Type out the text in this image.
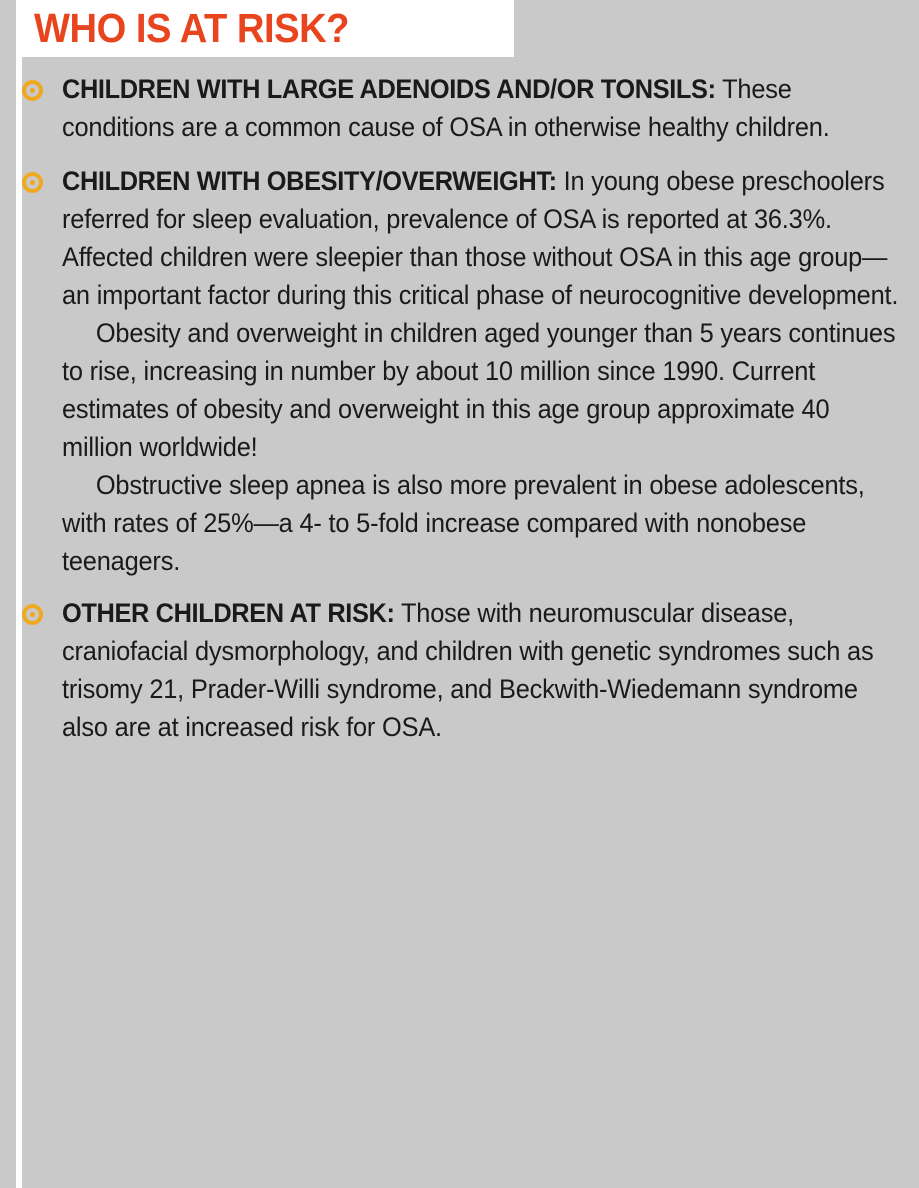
WHO IS AT RISK?

CHILDREN WITH LARGE ADENOIDS AND/OR TONSILS: These conditions are a common cause of OSA in otherwise healthy children.

CHILDREN WITH OBESITY/OVERWEIGHT: In young obese preschoolers referred for sleep evaluation, prevalence of OSA is reported at 36.3%. Affected children were sleepier than those without OSA in this age group—an important factor during this critical phase of neurocognitive development.

Obesity and overweight in children aged younger than 5 years continues to rise, increasing in number by about 10 million since 1990. Current estimates of obesity and overweight in this age group approximate 40 million worldwide!

Obstructive sleep apnea is also more prevalent in obese adolescents, with rates of 25%—a 4- to 5-fold increase compared with nonobese teenagers.

OTHER CHILDREN AT RISK: Those with neuromuscular disease, craniofacial dysmorphology, and children with genetic syndromes such as trisomy 21, Prader-Willi syndrome, and Beckwith-Wiedemann syndrome also are at increased risk for OSA.
